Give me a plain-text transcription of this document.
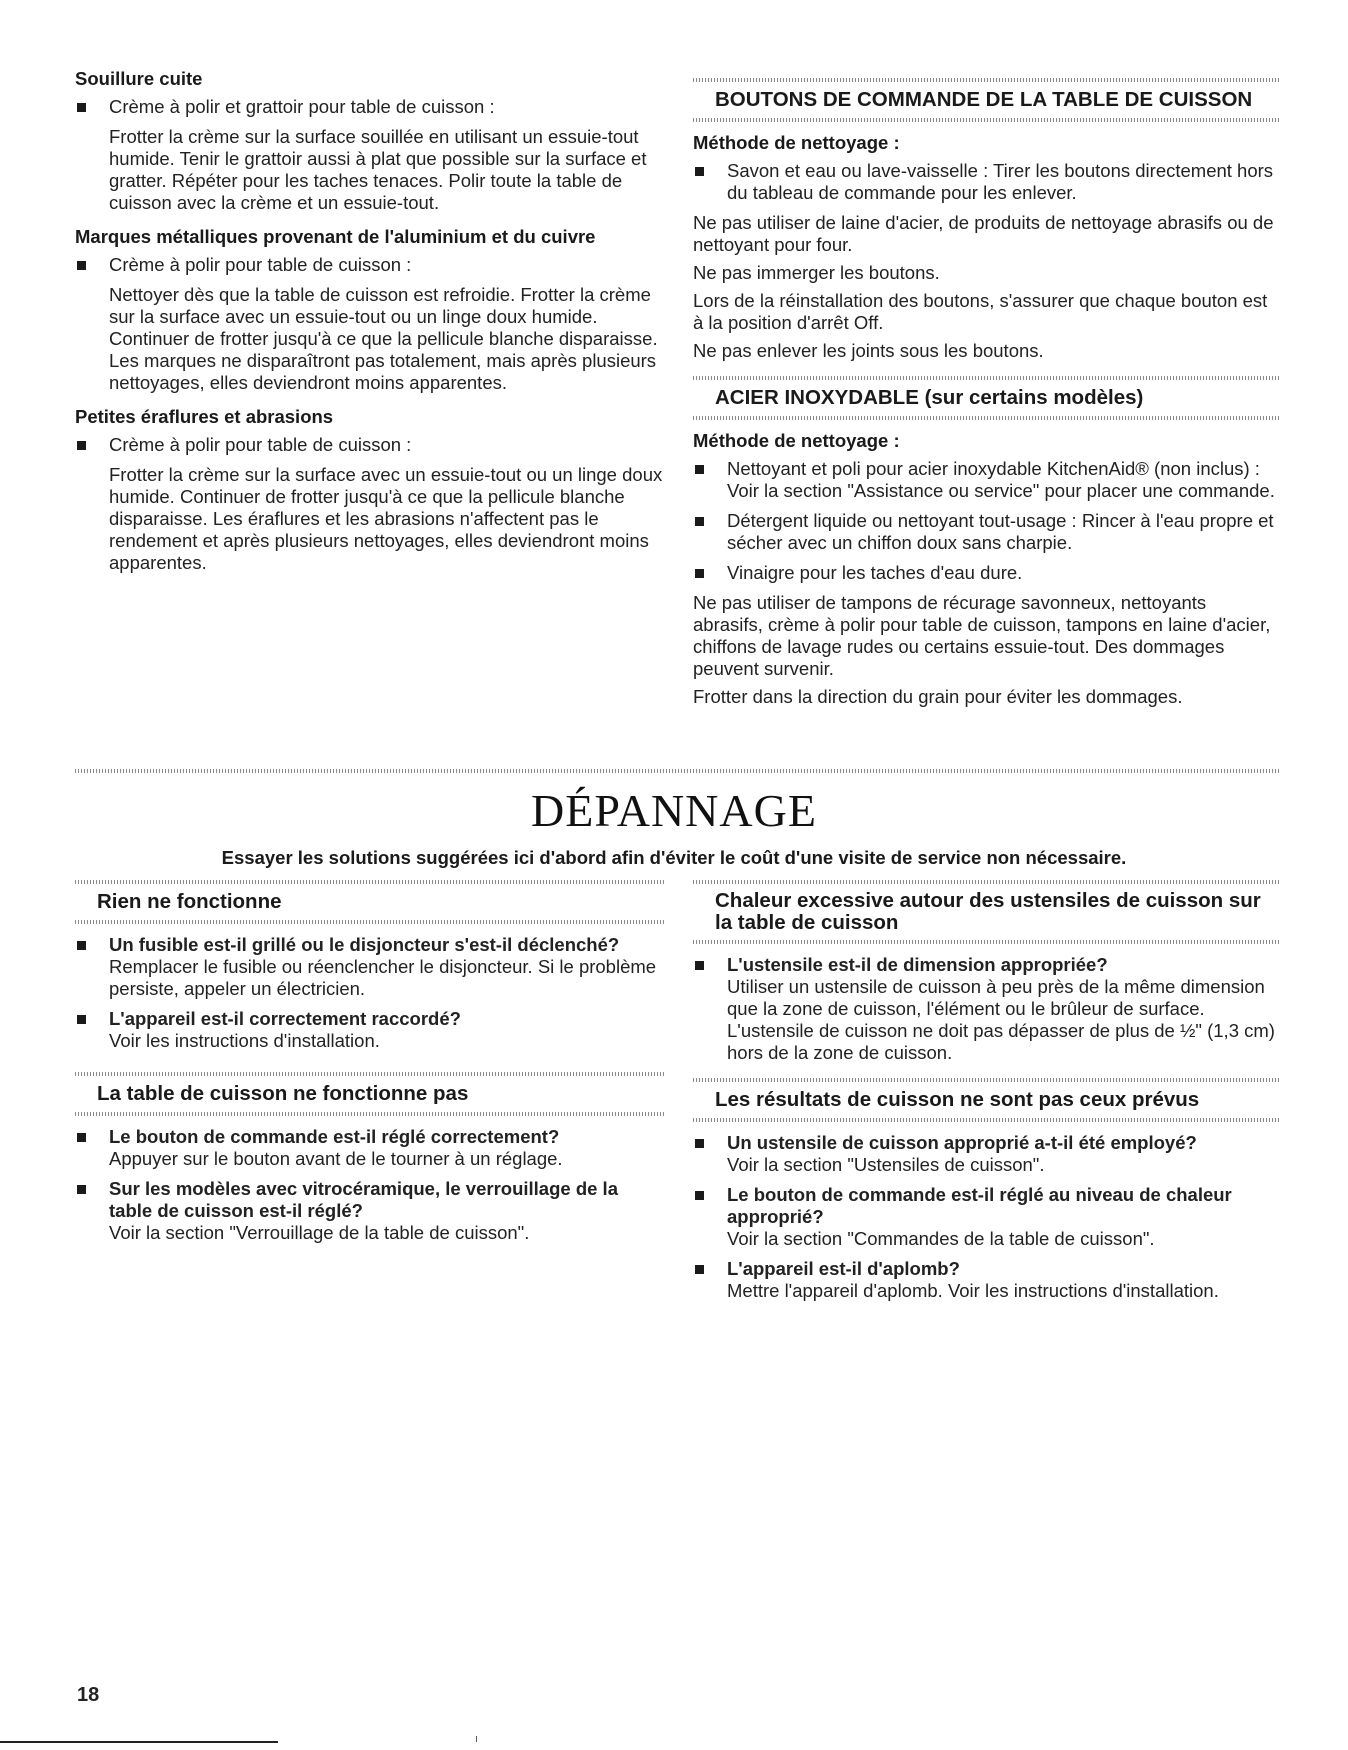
Souillure cuite
Crème à polir et grattoir pour table de cuisson :
Frotter la crème sur la surface souillée en utilisant un essuie-tout humide. Tenir le grattoir aussi à plat que possible sur la surface et gratter. Répéter pour les taches tenaces. Polir toute la table de cuisson avec la crème et un essuie-tout.
Marques métalliques provenant de l'aluminium et du cuivre
Crème à polir pour table de cuisson :
Nettoyer dès que la table de cuisson est refroidie. Frotter la crème sur la surface avec un essuie-tout ou un linge doux humide. Continuer de frotter jusqu'à ce que la pellicule blanche disparaisse. Les marques ne disparaîtront pas totalement, mais après plusieurs nettoyages, elles deviendront moins apparentes.
Petites éraflures et abrasions
Crème à polir pour table de cuisson :
Frotter la crème sur la surface avec un essuie-tout ou un linge doux humide. Continuer de frotter jusqu'à ce que la pellicule blanche disparaisse. Les éraflures et les abrasions n'affectent pas le rendement et après plusieurs nettoyages, elles deviendront moins apparentes.
BOUTONS DE COMMANDE DE LA TABLE DE CUISSON
Méthode de nettoyage :
Savon et eau ou lave-vaisselle : Tirer les boutons directement hors du tableau de commande pour les enlever.
Ne pas utiliser de laine d'acier, de produits de nettoyage abrasifs ou de nettoyant pour four.
Ne pas immerger les boutons.
Lors de la réinstallation des boutons, s'assurer que chaque bouton est à la position d'arrêt Off.
Ne pas enlever les joints sous les boutons.
ACIER INOXYDABLE (sur certains modèles)
Méthode de nettoyage :
Nettoyant et poli pour acier inoxydable KitchenAid® (non inclus) : Voir la section "Assistance ou service" pour placer une commande.
Détergent liquide ou nettoyant tout-usage : Rincer à l'eau propre et sécher avec un chiffon doux sans charpie.
Vinaigre pour les taches d'eau dure.
Ne pas utiliser de tampons de récurage savonneux, nettoyants abrasifs, crème à polir pour table de cuisson, tampons en laine d'acier, chiffons de lavage rudes ou certains essuie-tout. Des dommages peuvent survenir.
Frotter dans la direction du grain pour éviter les dommages.
DÉPANNAGE
Essayer les solutions suggérées ici d'abord afin d'éviter le coût d'une visite de service non nécessaire.
Rien ne fonctionne
Un fusible est-il grillé ou le disjoncteur s'est-il déclenché?
Remplacer le fusible ou réenclencher le disjoncteur. Si le problème persiste, appeler un électricien.
L'appareil est-il correctement raccordé?
Voir les instructions d'installation.
La table de cuisson ne fonctionne pas
Le bouton de commande est-il réglé correctement?
Appuyer sur le bouton avant de le tourner à un réglage.
Sur les modèles avec vitrocéramique, le verrouillage de la table de cuisson est-il réglé?
Voir la section "Verrouillage de la table de cuisson".
Chaleur excessive autour des ustensiles de cuisson sur la table de cuisson
L'ustensile est-il de dimension appropriée?
Utiliser un ustensile de cuisson à peu près de la même dimension que la zone de cuisson, l'élément ou le brûleur de surface. L'ustensile de cuisson ne doit pas dépasser de plus de ½" (1,3 cm) hors de la zone de cuisson.
Les résultats de cuisson ne sont pas ceux prévus
Un ustensile de cuisson approprié a-t-il été employé?
Voir la section "Ustensiles de cuisson".
Le bouton de commande est-il réglé au niveau de chaleur approprié?
Voir la section "Commandes de la table de cuisson".
L'appareil est-il d'aplomb?
Mettre l'appareil d'aplomb. Voir les instructions d'installation.
18
